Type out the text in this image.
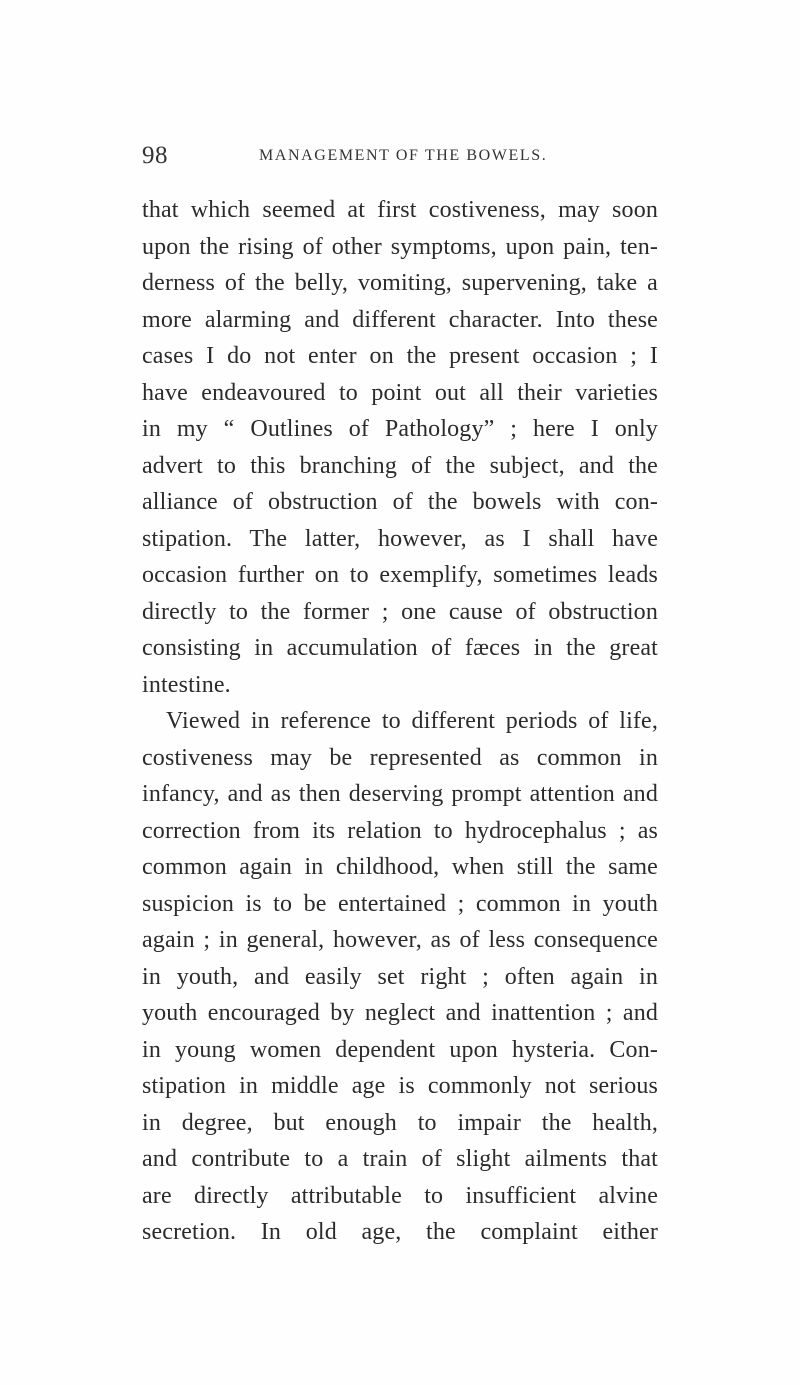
98	MANAGEMENT OF THE BOWELS.
that which seemed at first costiveness, may soon
upon the rising of other symptoms, upon pain, ten-
derness of the belly, vomiting, supervening, take a
more alarming and different character. Into these
cases I do not enter on the present occasion ; I
have endeavoured to point out all their varieties
in my “ Outlines of Pathology” ; here I only
advert to this branching of the subject, and the
alliance of obstruction of the bowels with con-
stipation. The latter, however, as I shall have
occasion further on to exemplify, sometimes leads
directly to the former ; one cause of obstruction
consisting in accumulation of fæces in the great
intestine.
Viewed in reference to different periods of life,
costiveness may be represented as common in
infancy, and as then deserving prompt attention and
correction from its relation to hydrocephalus ; as
common again in childhood, when still the same
suspicion is to be entertained ; common in youth
again ; in general, however, as of less consequence
in youth, and easily set right ; often again in
youth encouraged by neglect and inattention ; and
in young women dependent upon hysteria. Con-
stipation in middle age is commonly not serious
in degree, but enough to impair the health,
and contribute to a train of slight ailments that
are directly attributable to insufficient alvine
secretion. In old age, the complaint either
